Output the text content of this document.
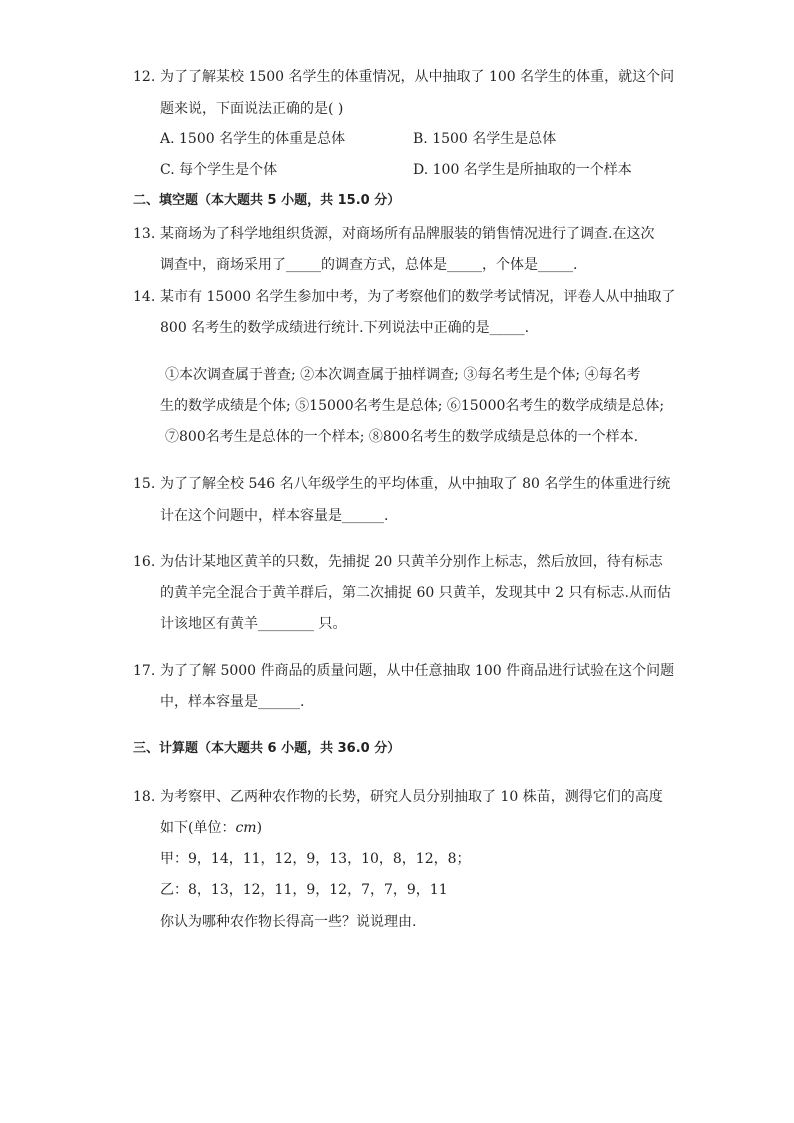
12. 为了了解某校 1500 名学生的体重情况，从中抽取了 100 名学生的体重，就这个问
题来说，下面说法正确的是( )
A. 1500 名学生的体重是总体	B. 1500 名学生是总体
C. 每个学生是个体	D. 100 名学生是所抽取的一个样本
二、填空题（本大题共 5 小题，共 15.0 分）
13. 某商场为了科学地组织货源，对商场所有品牌服装的销售情况进行了调查.在这次
调查中，商场采用了_____的调查方式，总体是_____，个体是_____.
14. 某市有 15000 名学生参加中考，为了考察他们的数学考试情况，评卷人从中抽取了
800 名考生的数学成绩进行统计.下列说法中正确的是_____.
①本次调查属于普查; ②本次调查属于抽样调查; ③每名考生是个体; ④每名考
生的数学成绩是个体; ⑤15000名考生是总体; ⑥15000名考生的数学成绩是总体;
⑦800名考生是总体的一个样本; ⑧800名考生的数学成绩是总体的一个样本.
15. 为了了解全校 546 名八年级学生的平均体重，从中抽取了 80 名学生的体重进行统
计在这个问题中，样本容量是______.
16. 为估计某地区黄羊的只数，先捕捉 20 只黄羊分别作上标志，然后放回，待有标志
的黄羊完全混合于黄羊群后，第二次捕捉 60 只黄羊，发现其中 2 只有标志.从而估
计该地区有黄羊________ 只。
17. 为了了解 5000 件商品的质量问题，从中任意抽取 100 件商品进行试验在这个问题
中，样本容量是______.
三、计算题（本大题共 6 小题，共 36.0 分）
18. 为考察甲、乙两种农作物的长势，研究人员分别抽取了 10 株苗，测得它们的高度
如下(单位：cm)
甲：9，14，11，12，9，13，10，8，12，8；
乙：8，13，12，11，9，12，7，7，9，11
你认为哪种农作物长得高一些？说说理由.
